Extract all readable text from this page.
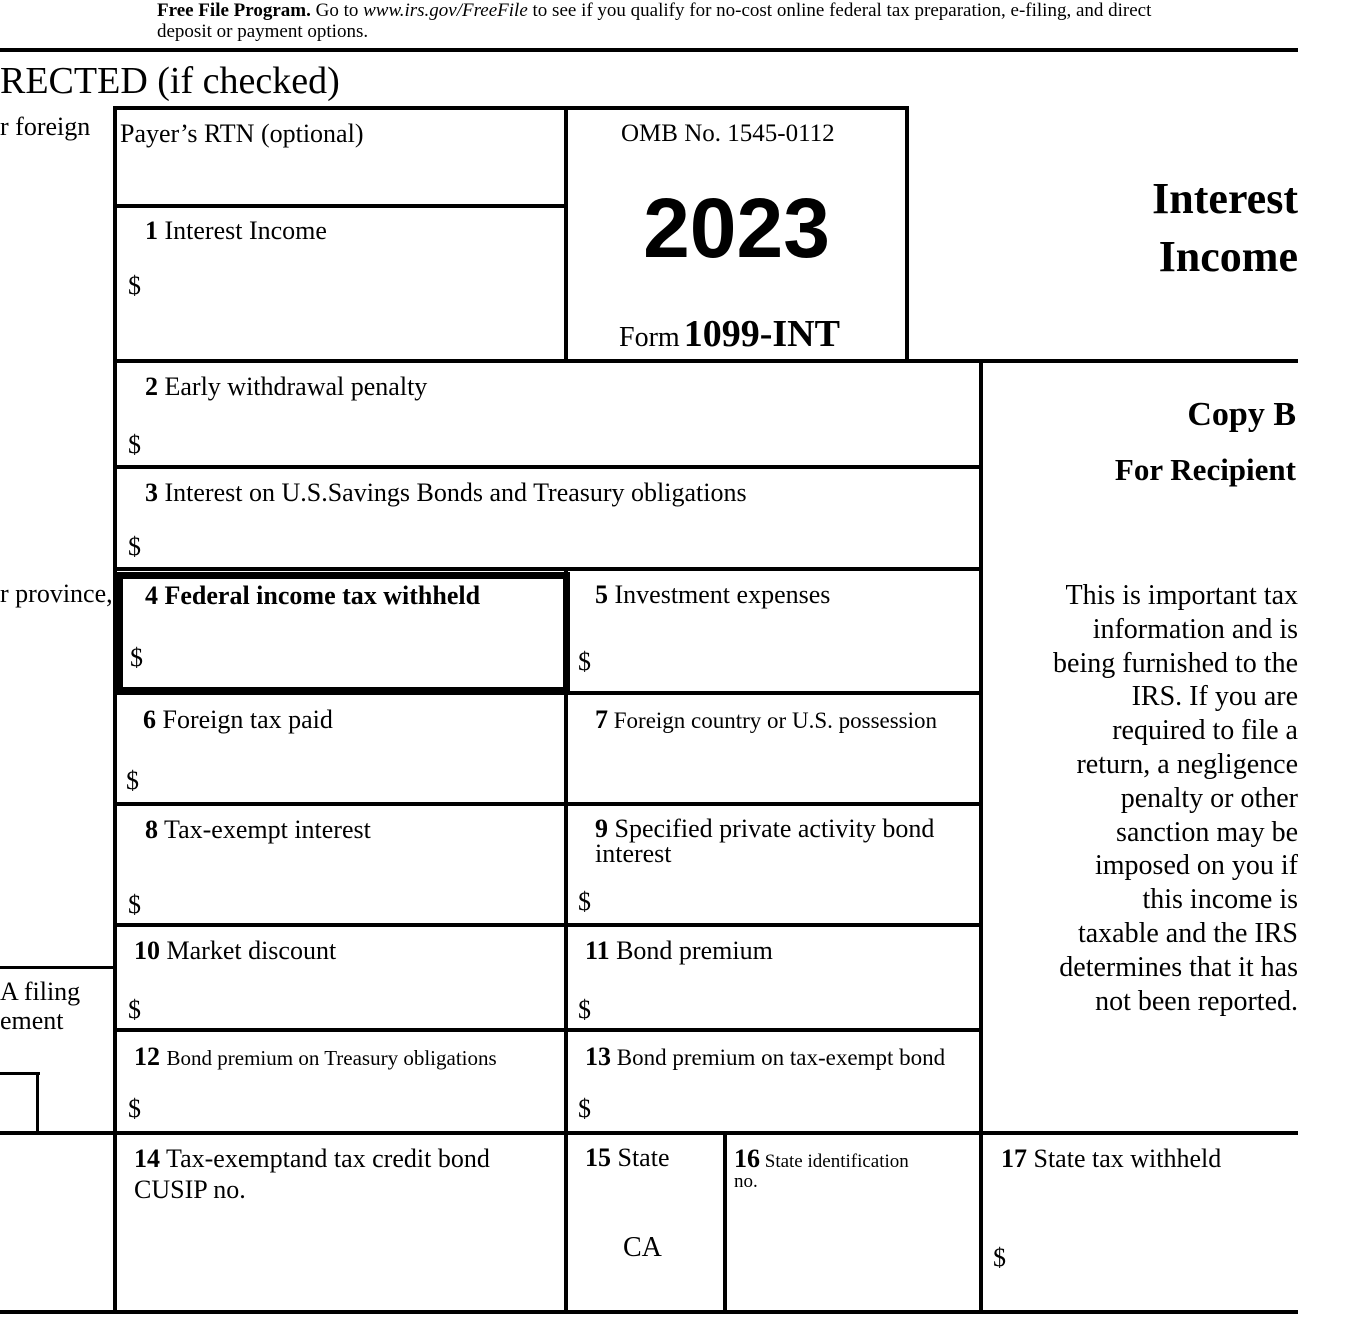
Free File Program. Go to www.irs.gov/FreeFile to see if you qualify for no-cost online federal tax preparation, e-filing, and direct
deposit or payment options.
RECTED (if checked)
r foreign
r province,
A filing
ement
Payer’s RTN (optional)	OMB No. 1545-0112
2023
Form 1099-INT
Interest
Income
Copy B
For Recipient
This is important tax
information and is
being furnished to the
IRS. If you are
required to file a
return, a negligence
penalty or other
sanction may be
imposed on you if
this income is
taxable and the IRS
determines that it has
not been reported.
1 Interest Income
$
2 Early withdrawal penalty
$
3 Interest on U.S.Savings Bonds and Treasury obligations
$
4 Federal income tax withheld
$
5 Investment expenses
$
6 Foreign tax paid
$
7 Foreign country or U.S. possession
8 Tax-exempt interest
$
9 Specified private activity bond
interest
$
10 Market discount
$
11 Bond premium
$
12 Bond premium on Treasury obligations
$
13 Bond premium on tax-exempt bond
$
14 Tax-exemptand tax credit bond
CUSIP no.
15 State
CA
16 State identification
no.
17 State tax withheld
$
